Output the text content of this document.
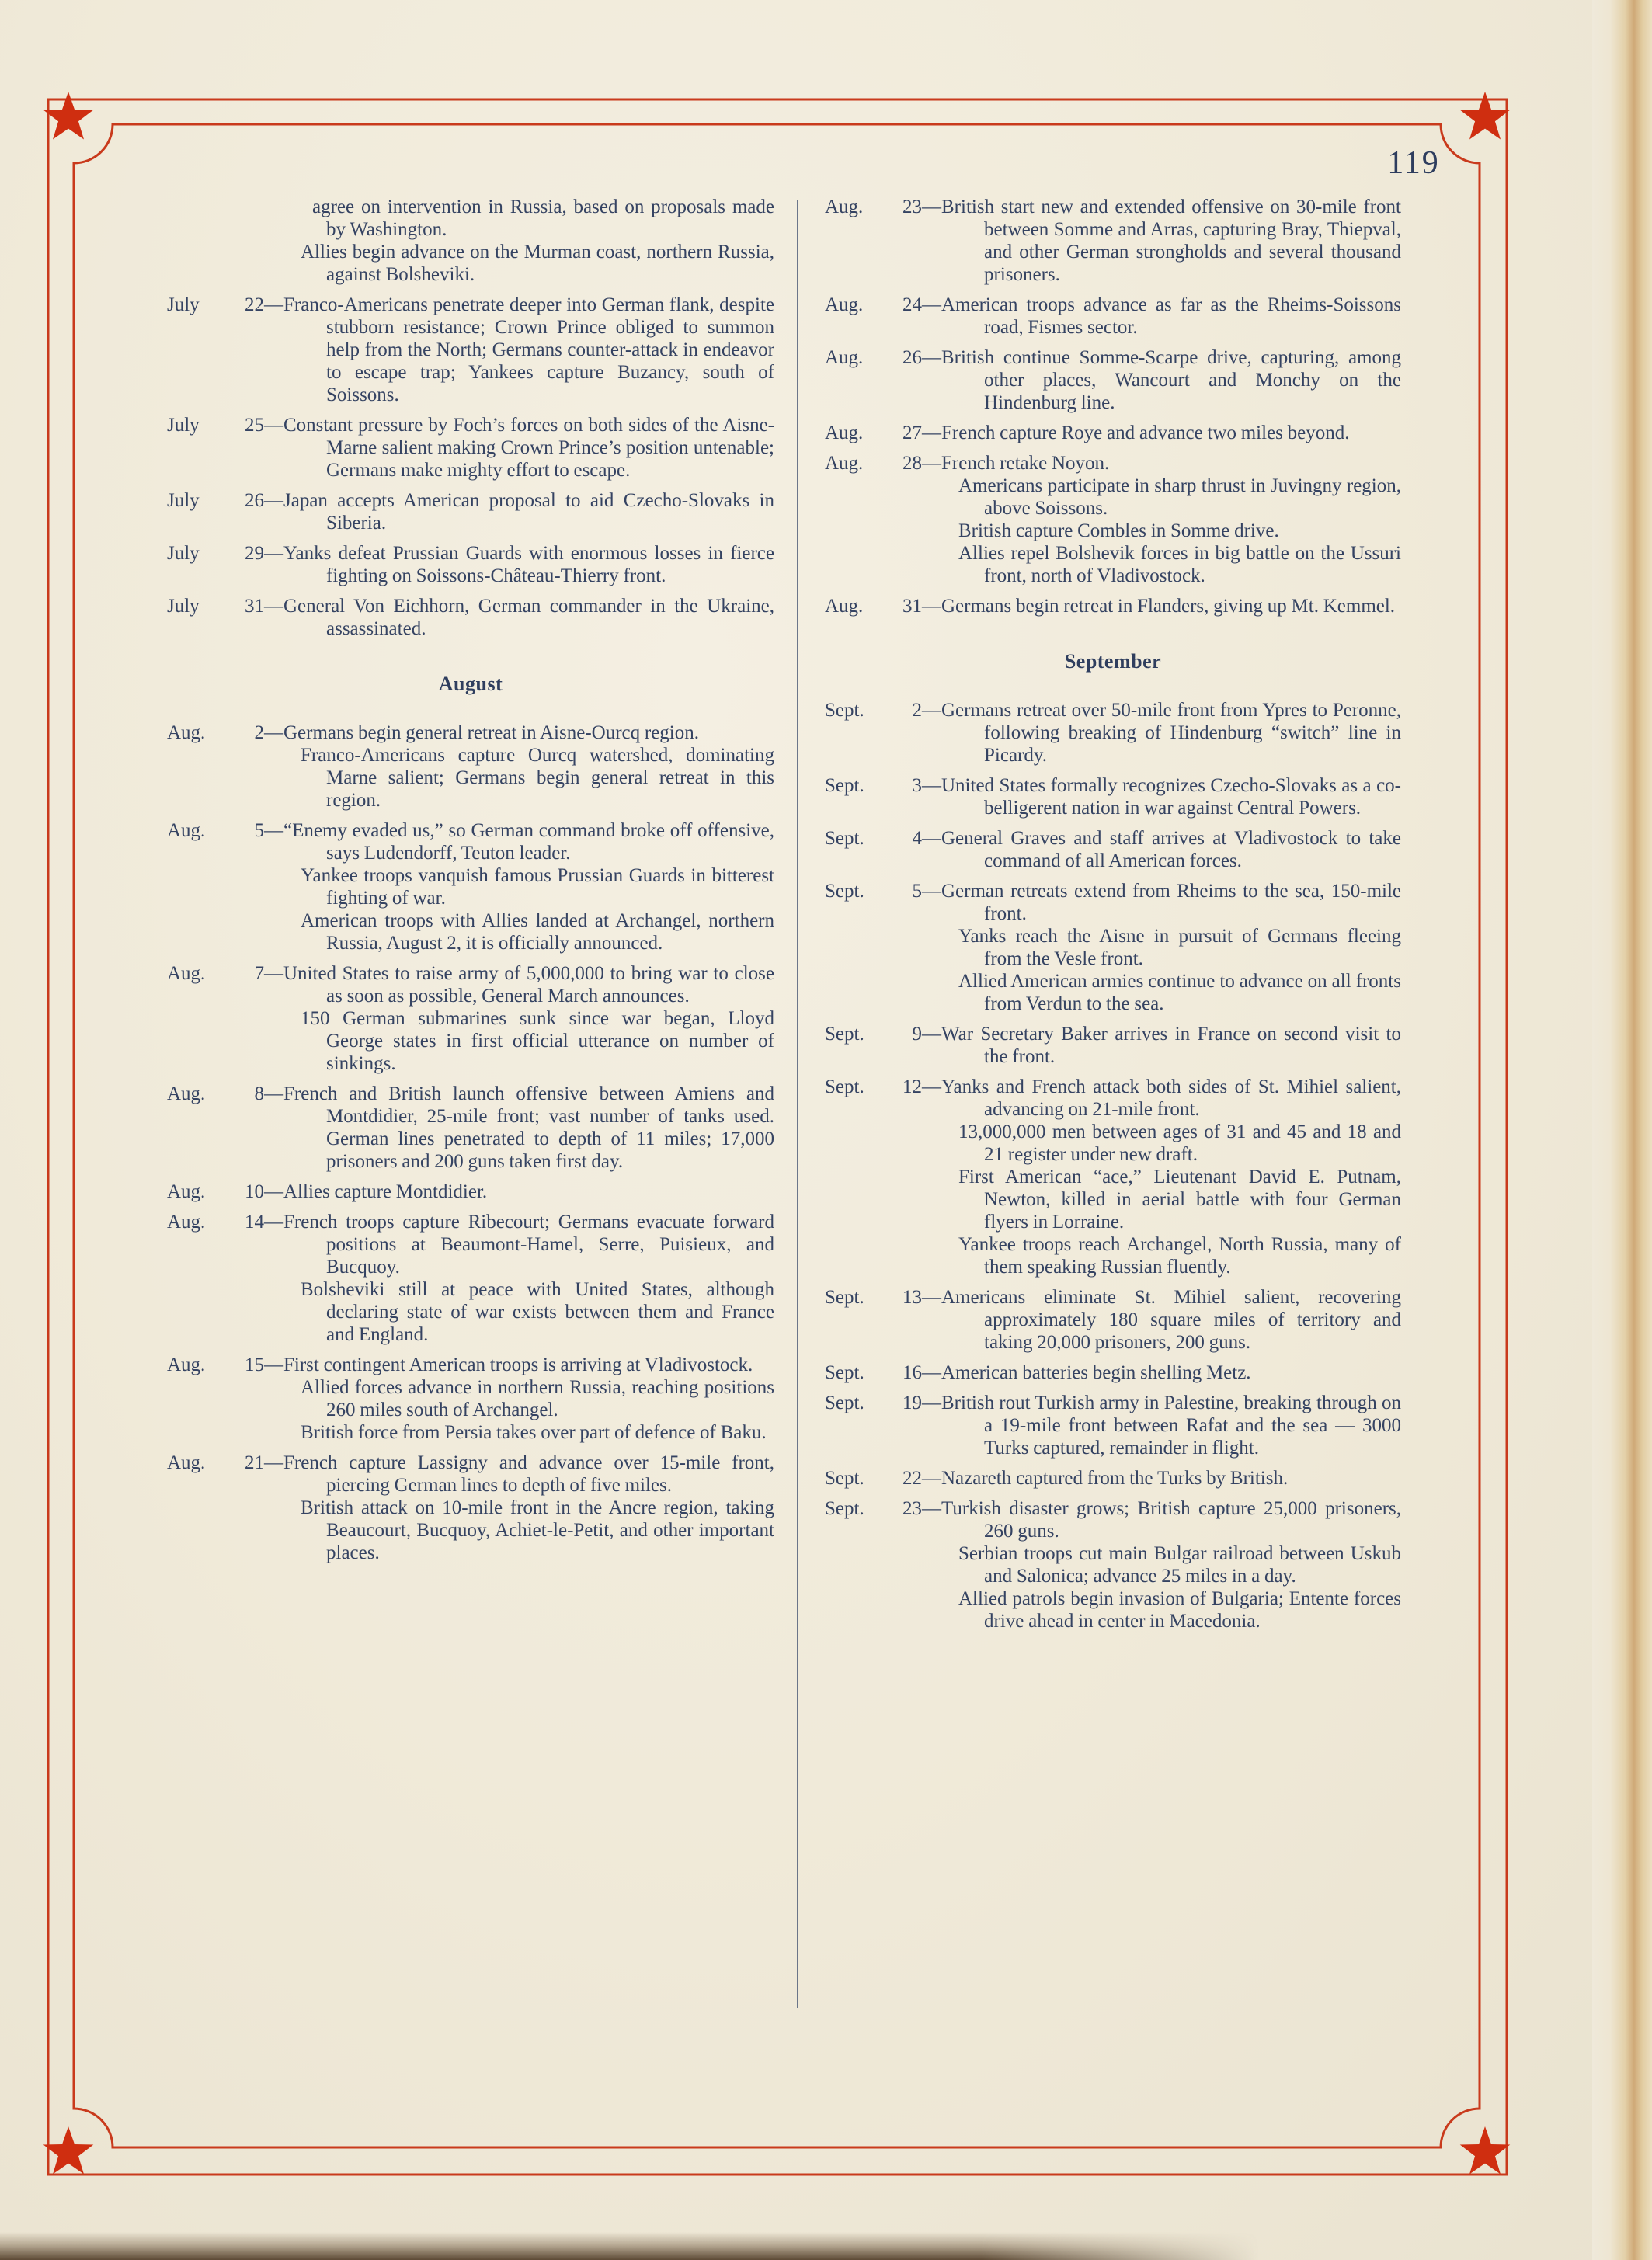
119

agree on intervention in Russia, based on proposals made by Washington.

Allies begin advance on the Murman coast, northern Russia, against Bolsheviki.

July 22 — Franco-Americans penetrate deeper into German flank, despite stubborn resistance; Crown Prince obliged to summon help from the North; Germans counter-attack in endeavor to escape trap; Yankees capture Buzancy, south of Soissons.

July 25 — Constant pressure by Foch’s forces on both sides of the Aisne-Marne salient making Crown Prince’s position untenable; Germans make mighty effort to escape.

July 26 — Japan accepts American proposal to aid Czecho-Slovaks in Siberia.

July 29 — Yanks defeat Prussian Guards with enormous losses in fierce fighting on Soissons-Château-Thierry front.

July 31 — General Von Eichhorn, German commander in the Ukraine, assassinated.

August

Aug.	2 — Germans begin general retreat in Aisne-Ourcq region.

Franco-Americans capture Ourcq watershed, dominating Marne salient; Germans begin general retreat in this region.

Aug.	5 — “Enemy evaded us,” so German command broke off offensive, says Ludendorff, Teuton leader.

Yankee troops vanquish famous Prussian Guards in bitterest fighting of war.

American troops with Allies landed at Archangel, northern Russia, August 2, it is officially announced.

Aug.	7 — United States to raise army of 5,000,000 to bring war to close as soon as possible, General March announces.

150 German submarines sunk since war began, Lloyd George states in first official utterance on number of sinkings.

Aug.	8 — French and British launch offensive between Amiens and Montdidier, 25-mile front; vast number of tanks used. German lines penetrated to depth of 11 miles; 17,000 prisoners and 200 guns taken first day.

Aug. 10 — Allies capture Montdidier.

Aug. 14 — French troops capture Ribecourt; Germans evacuate forward positions at Beaumont-Hamel, Serre, Puisieux, and Bucquoy.

Bolsheviki still at peace with United States, although declaring state of war exists between them and France and England.

Aug. 15 — First contingent American troops is arriving at Vladivostock.

Allied forces advance in northern Russia, reaching positions 260 miles south of Archangel.

British force from Persia takes over part of defence of Baku.

Aug. 21 — French capture Lassigny and advance over 15-mile front, piercing German lines to depth of five miles.

British attack on 10-mile front in the Ancre region, taking Beaucourt, Bucquoy, Achiet-le-Petit, and other important places.

Aug. 23 — British start new and extended offensive on 30-mile front between Somme and Arras, capturing Bray, Thiepval, and other German strongholds and several thousand prisoners.

Aug. 24 — American troops advance as far as the Rheims-Soissons road, Fismes sector.

Aug. 26 — British continue Somme-Scarpe drive, capturing, among other places, Wancourt and Monchy on the Hindenburg line.

Aug. 27 — French capture Roye and advance two miles beyond.

Aug. 28 — French retake Noyon.

Americans participate in sharp thrust in Juvingny region, above Soissons.

British capture Combles in Somme drive.

Allies repel Bolshevik forces in big battle on the Ussuri front, north of Vladivostock.

Aug. 31 — Germans begin retreat in Flanders, giving up Mt. Kemmel.

September

Sept. 2 — Germans retreat over 50-mile front from Ypres to Peronne, following breaking of Hindenburg “switch” line in Picardy.

Sept. 3 — United States formally recognizes Czecho-Slovaks as a co-belligerent nation in war against Central Powers.

Sept. 4 — General Graves and staff arrives at Vladivostock to take command of all American forces.

Sept. 5 — German retreats extend from Rheims to the sea, 150-mile front.

Yanks reach the Aisne in pursuit of Germans fleeing from the Vesle front.

Allied American armies continue to advance on all fronts from Verdun to the sea.

Sept. 9 — War Secretary Baker arrives in France on second visit to the front.

Sept. 12 — Yanks and French attack both sides of St. Mihiel salient, advancing on 21-mile front.

13,000,000 men between ages of 31 and 45 and 18 and 21 register under new draft.

First American “ace,” Lieutenant David E. Putnam, Newton, killed in aerial battle with four German flyers in Lorraine.

Yankee troops reach Archangel, North Russia, many of them speaking Russian fluently.

Sept. 13 — Americans eliminate St. Mihiel salient, recovering approximately 180 square miles of territory and taking 20,000 prisoners, 200 guns.

Sept. 16 — American batteries begin shelling Metz.

Sept. 19 — British rout Turkish army in Palestine, breaking through on a 19-mile front between Rafat and the sea — 3000 Turks captured, remainder in flight.

Sept. 22 — Nazareth captured from the Turks by British.

Sept. 23 — Turkish disaster grows; British capture 25,000 prisoners, 260 guns.

Serbian troops cut main Bulgar railroad between Uskub and Salonica; advance 25 miles in a day.

Allied patrols begin invasion of Bulgaria; Entente forces drive ahead in center in Macedonia.
